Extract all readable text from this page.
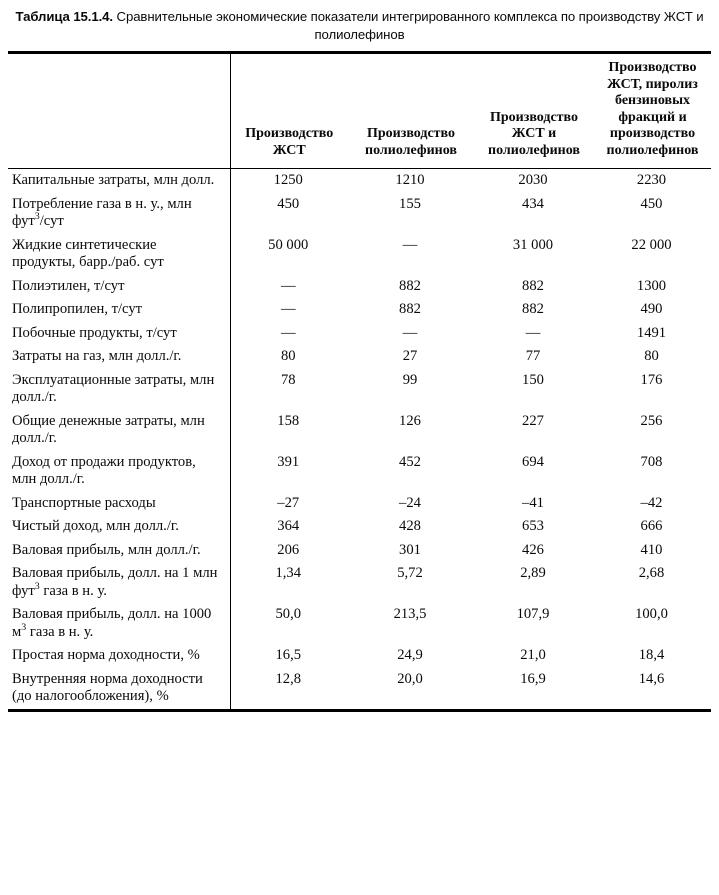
Таблица 15.1.4. Сравнительные экономические показатели интегрированного комплекса по производству ЖСТ и полиолефинов
	Производство ЖСТ	Производство полиолефинов	Производство ЖСТ и полиолефинов	Производство ЖСТ, пиролиз бензиновых фракций и производство полиолефинов
Капитальные затраты, млн долл.	1250	1210	2030	2230
Потребление газа в н. у., млн фут$^3$/сут	450	155	434	450
Жидкие синтетические продукты, барр./раб. сут	50 000	—	31 000	22 000
Полиэтилен, т/сут	—	882	882	1300
Полипропилен, т/сут	—	882	882	490
Побочные продукты, т/сут	—	—	—	1491
Затраты на газ, млн долл./г.	80	27	77	80
Эксплуатационные затраты, млн долл./г.	78	99	150	176
Общие денежные затраты, млн долл./г.	158	126	227	256
Доход от продажи продуктов, млн долл./г.	391	452	694	708
Транспортные расходы	–27	–24	–41	–42
Чистый доход, млн долл./г.	364	428	653	666
Валовая прибыль, млн долл./г.	206	301	426	410
Валовая прибыль, долл. на 1 млн фут$^3$ газа в н. у.	1,34	5,72	2,89	2,68
Валовая прибыль, долл. на 1000 $м^3$ газа в н. у.	50,0	213,5	107,9	100,0
Простая норма доходности, %	16,5	24,9	21,0	18,4
Внутренняя норма доходности (до налогообложения), %	12,8	20,0	16,9	14,6
